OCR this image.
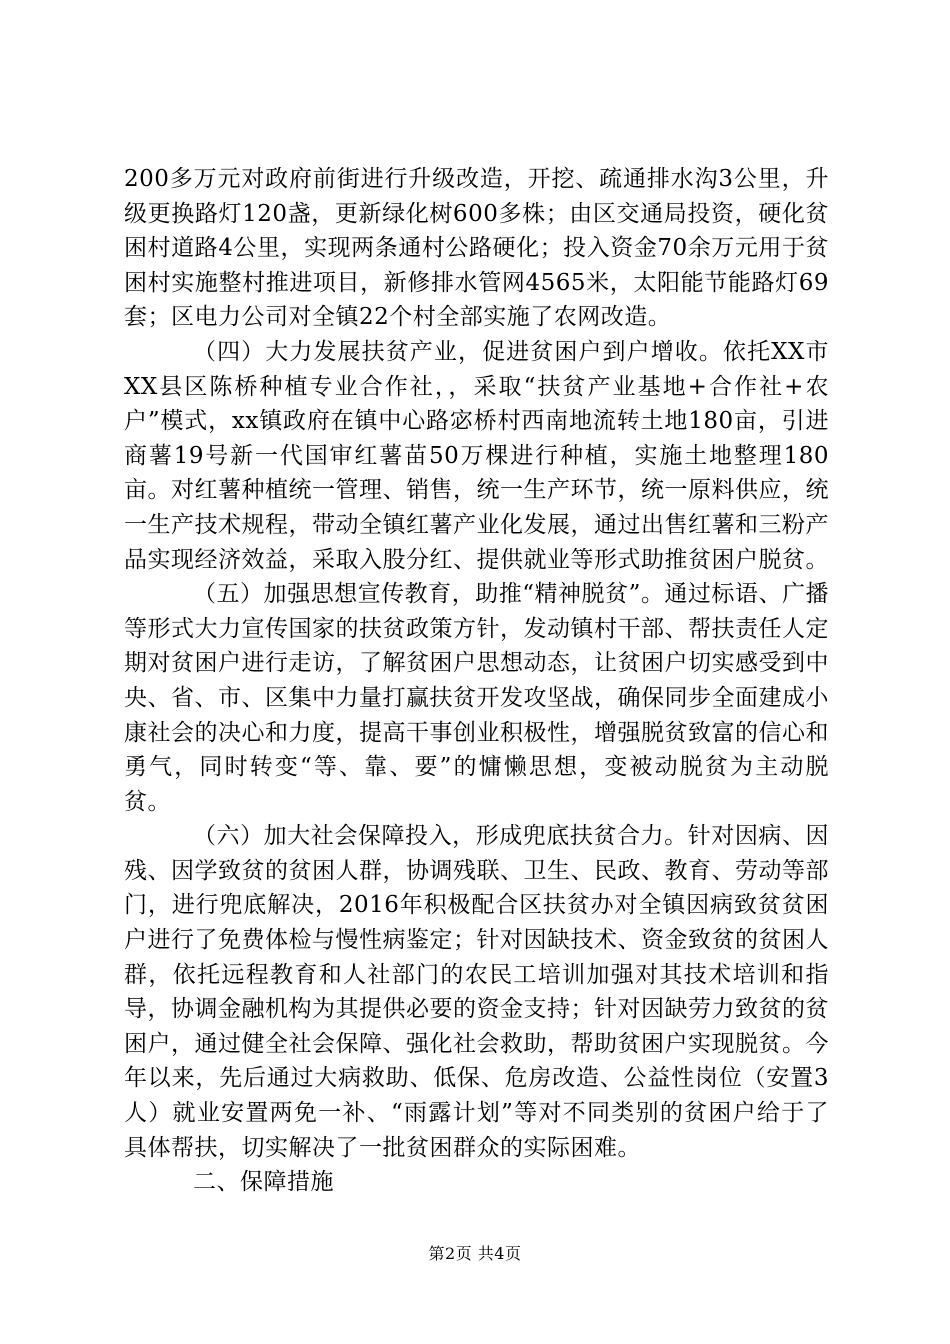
200多万元对政府前街进行升级改造，开挖、疏通排水沟3公里，升级更换路灯120盏，更新绿化树600多株；由区交通局投资，硬化贫困村道路4公里，实现两条通村公路硬化；投入资金70余万元用于贫困村实施整村推进项目，新修排水管网4565米，太阳能节能路灯69套；区电力公司对全镇22个村全部实施了农网改造。

（四）大力发展扶贫产业，促进贫困户到户增收。依托XX市XX县区陈桥种植专业合作社，，采取“扶贫产业基地+合作社+农户”模式，xx镇政府在镇中心路宓桥村西南地流转土地180亩，引进商薯19号新一代国审红薯苗50万棵进行种植，实施土地整理180亩。对红薯种植统一管理、销售，统一生产环节，统一原料供应，统一生产技术规程，带动全镇红薯产业化发展，通过出售红薯和三粉产品实现经济效益，采取入股分红、提供就业等形式助推贫困户脱贫。

（五）加强思想宣传教育，助推“精神脱贫”。通过标语、广播等形式大力宣传国家的扶贫政策方针，发动镇村干部、帮扶责任人定期对贫困户进行走访，了解贫困户思想动态，让贫困户切实感受到中央、省、市、区集中力量打赢扶贫开发攻坚战，确保同步全面建成小康社会的决心和力度，提高干事创业积极性，增强脱贫致富的信心和勇气，同时转变“等、靠、要”的慵懒思想，变被动脱贫为主动脱贫。

（六）加大社会保障投入，形成兜底扶贫合力。针对因病、因残、因学致贫的贫困人群，协调残联、卫生、民政、教育、劳动等部门，进行兜底解决，2016年积极配合区扶贫办对全镇因病致贫贫困户进行了免费体检与慢性病鉴定；针对因缺技术、资金致贫的贫困人群，依托远程教育和人社部门的农民工培训加强对其技术培训和指导，协调金融机构为其提供必要的资金支持；针对因缺劳力致贫的贫困户，通过健全社会保障、强化社会救助，帮助贫困户实现脱贫。今年以来，先后通过大病救助、低保、危房改造、公益性岗位（安置3人）就业安置两免一补、“雨露计划”等对不同类别的贫困户给于了具体帮扶，切实解决了一批贫困群众的实际困难。

二、保障措施

第2页 共4页
